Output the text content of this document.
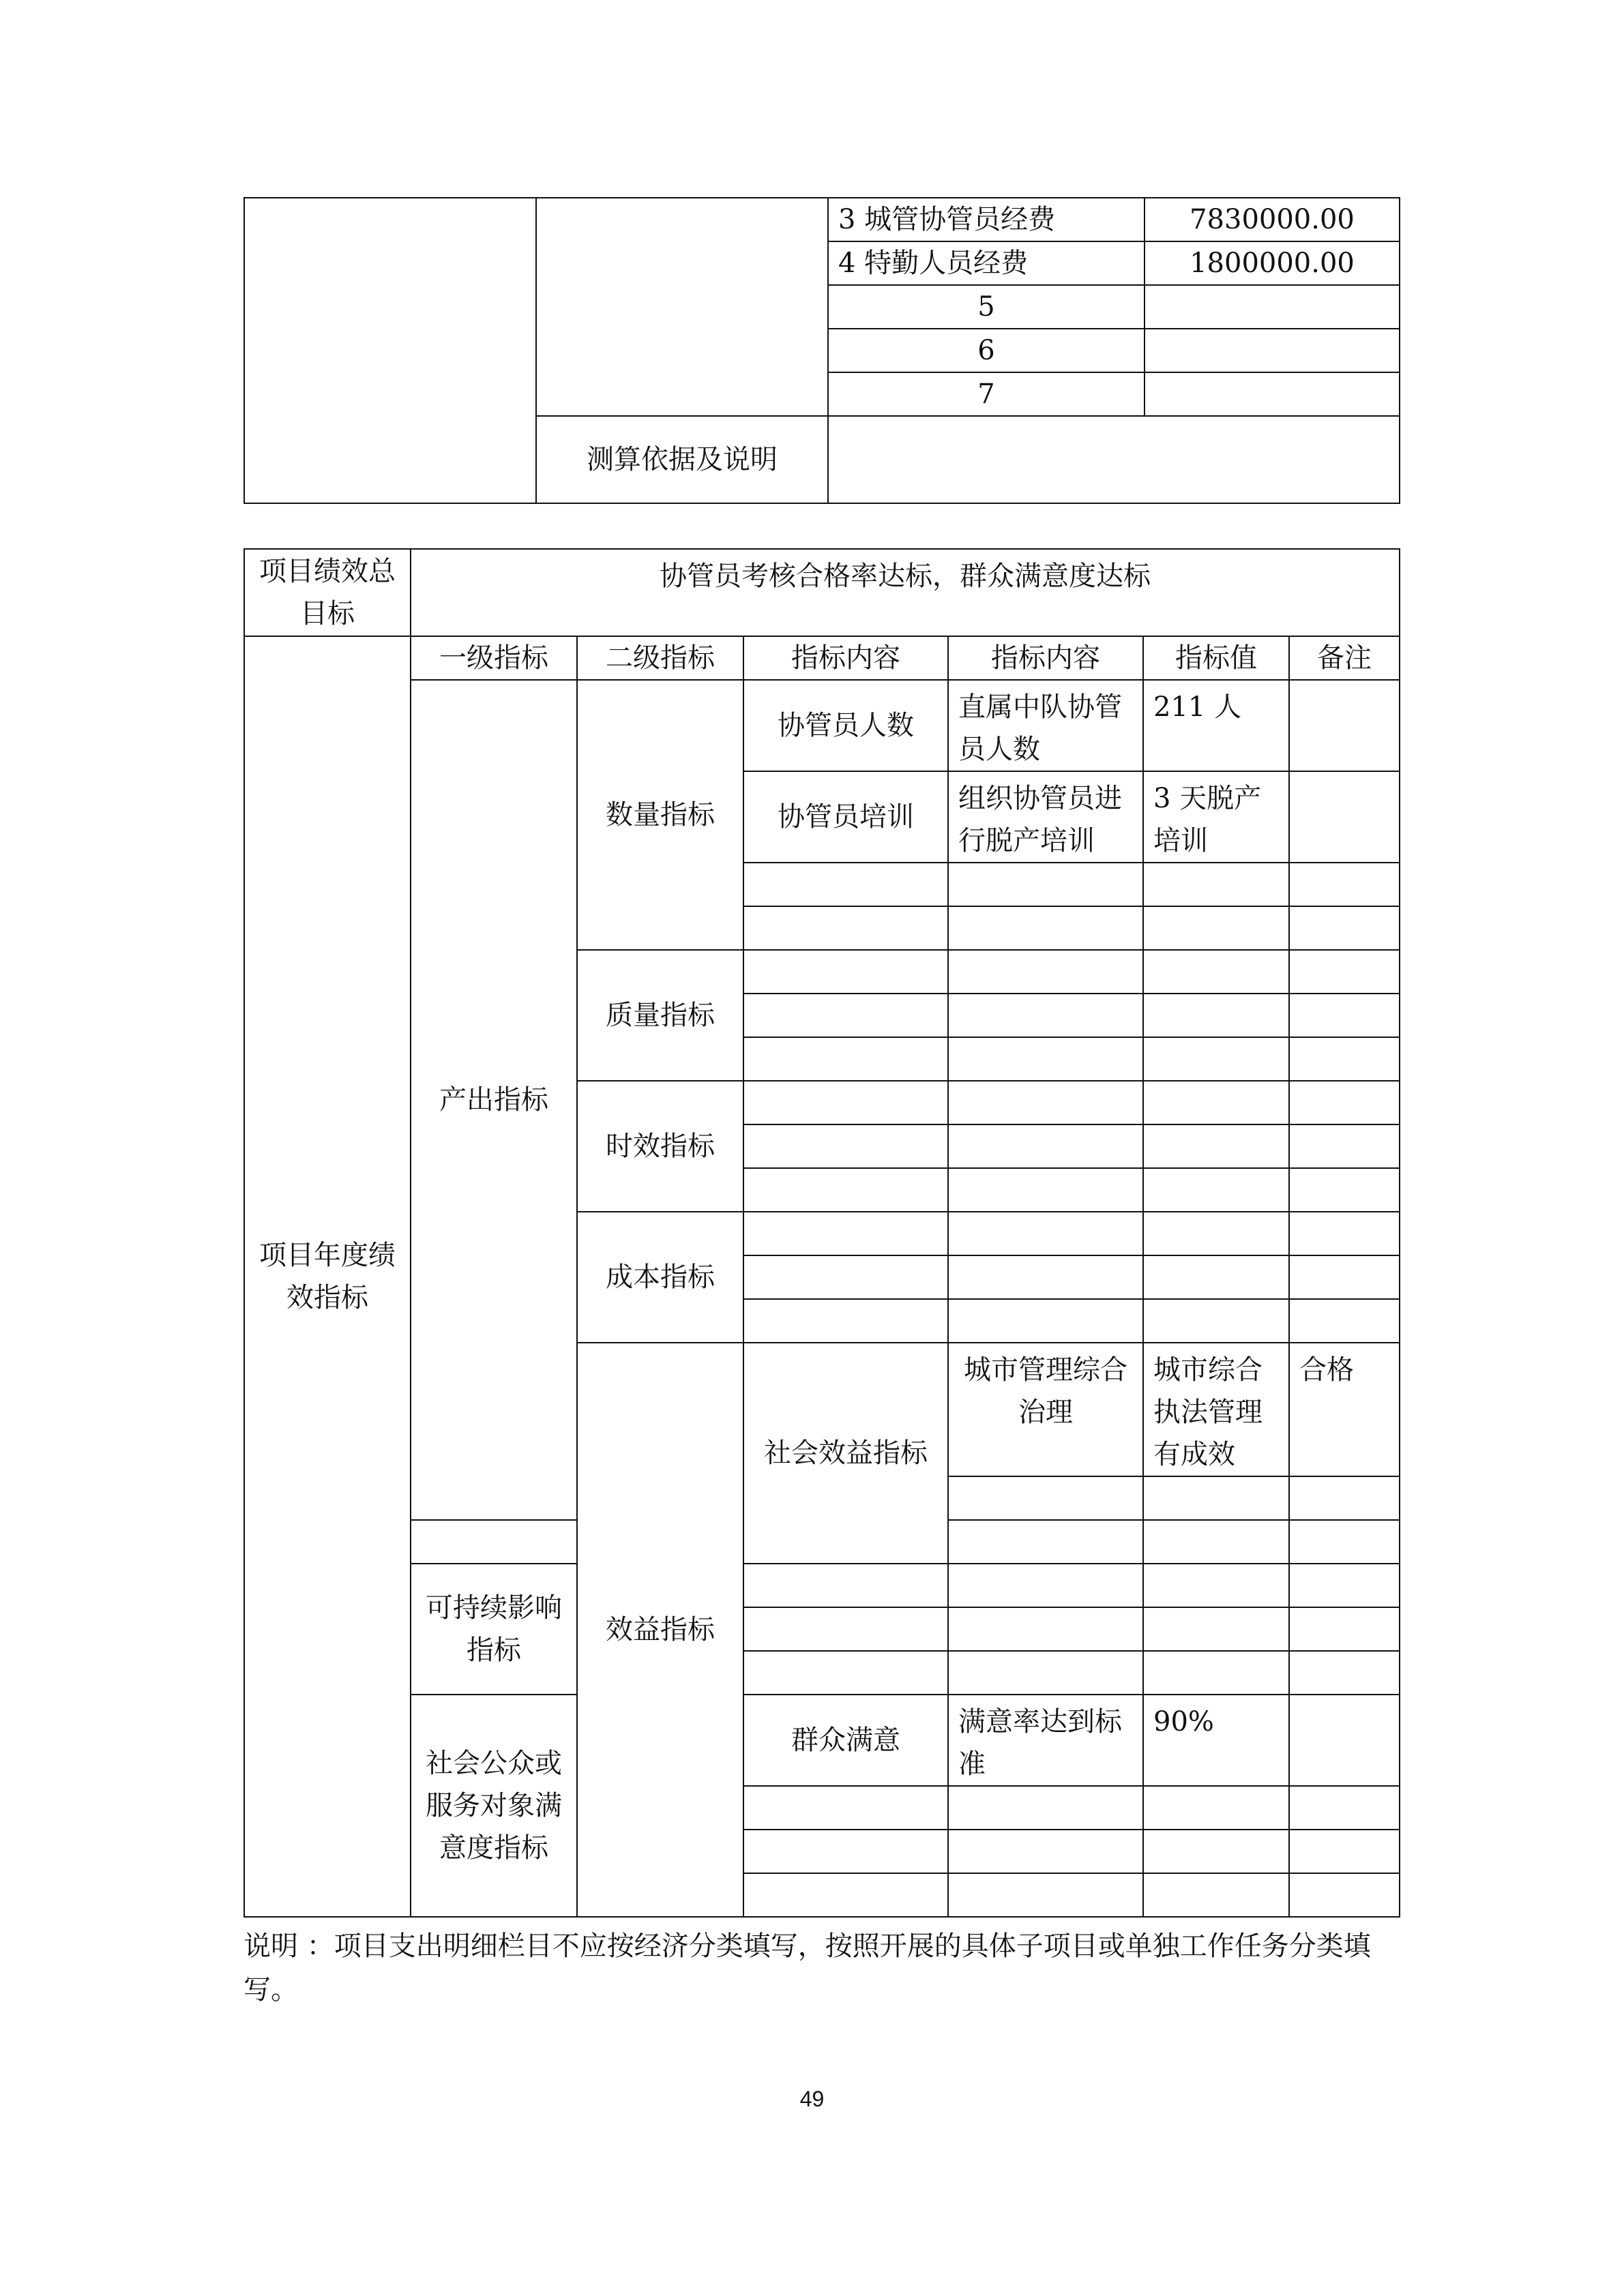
		3 城管协管员经费	7830000.00
		4 特勤人员经费	1800000.00
		5	
		6	
		7	
	测算依据及说明		
项目绩效总目标	协管员考核合格率达标，群众满意度达标						
项目年度绩效指标	一级指标	二级指标	指标内容	指标内容	指标值	备注	
	产出指标	数量指标	协管员人数	直属中队协管员人数	211 人		
			协管员培训	组织协管员进行脱产培训	3 天脱产培训		

		质量指标					

		时效指标					

		成本指标					

		效益指标	社会效益指标	城市管理综合治理	城市综合执法管理有成效	合格	

	可持续影响指标						

	社会公众或服务对象满意度指标		群众满意	满意率达到标准	90%		

说明 ：项目支出明细栏目不应按经济分类填写，按照开展的具体子项目或单独工作任务分类填写。
49
